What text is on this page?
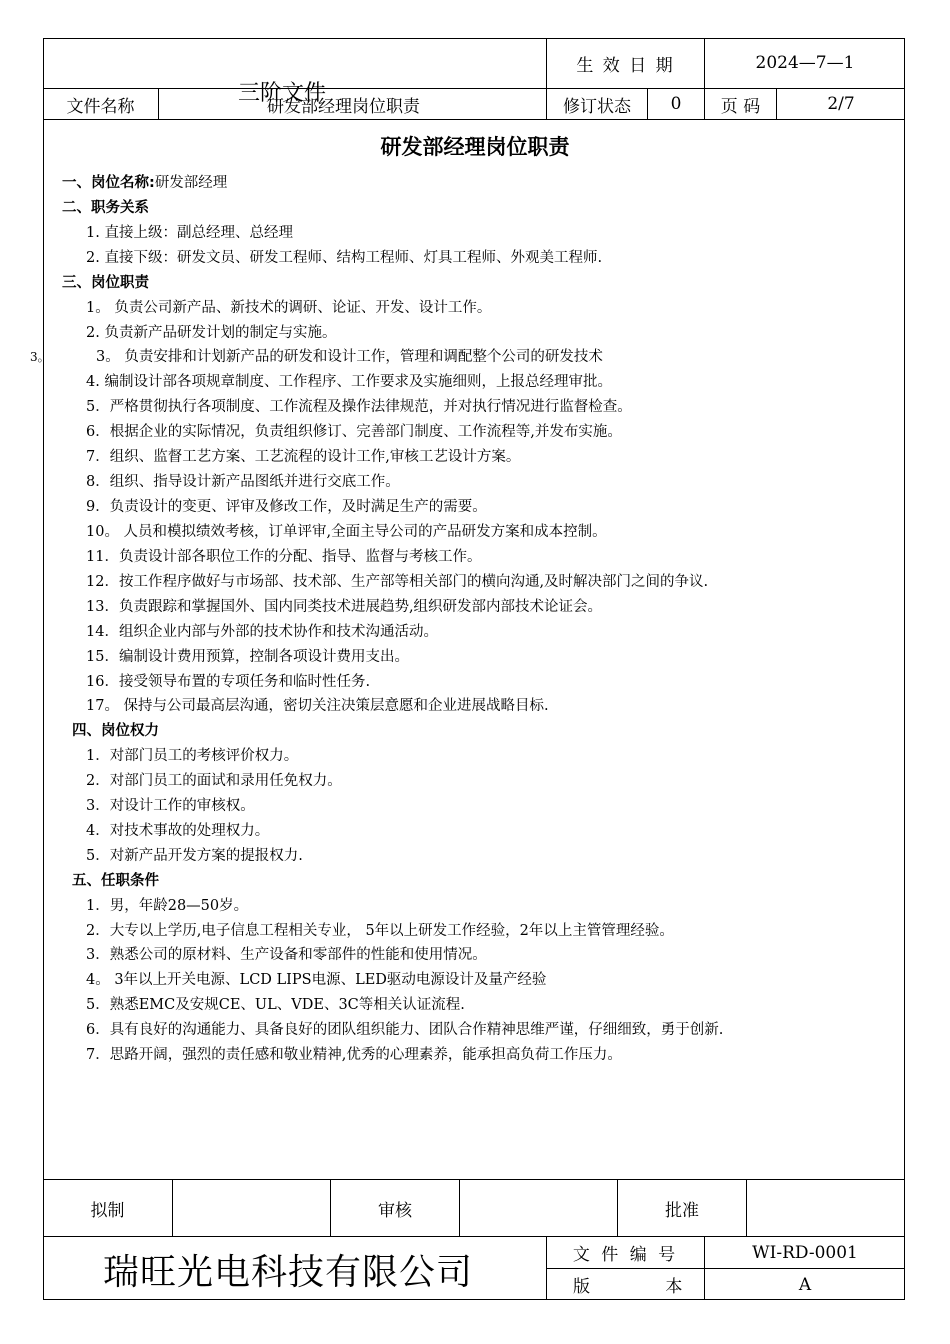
生 效 日 期	2024—7—1
文件名称	研发部经理岗位职责
三阶文件
修订状态	0	页 码	2/7
研发部经理岗位职责
3。
一、岗位名称:研发部经理
二、职务关系
1. 直接上级：副总经理、总经理
2. 直接下级：研发文员、研发工程师、结构工程师、灯具工程师、外观美工程师.
三、岗位职责
1。 负责公司新产品、新技术的调研、论证、开发、设计工作。
2. 负责新产品研发计划的制定与实施。
3。 负责安排和计划新产品的研发和设计工作，管理和调配整个公司的研发技术
4. 编制设计部各项规章制度、工作程序、工作要求及实施细则，上报总经理审批。
5．严格贯彻执行各项制度、工作流程及操作法律规范，并对执行情况进行监督检查。
6．根据企业的实际情况，负责组织修订、完善部门制度、工作流程等,并发布实施。
7．组织、监督工艺方案、工艺流程的设计工作,审核工艺设计方案。
8．组织、指导设计新产品图纸并进行交底工作。
9．负责设计的变更、评审及修改工作，及时满足生产的需要。
10。 人员和模拟绩效考核，订单评审,全面主导公司的产品研发方案和成本控制。
11．负责设计部各职位工作的分配、指导、监督与考核工作。
12．按工作程序做好与市场部、技术部、生产部等相关部门的横向沟通,及时解决部门之间的争议.
13．负责跟踪和掌握国外、国内同类技术进展趋势,组织研发部内部技术论证会。
14．组织企业内部与外部的技术协作和技术沟通活动。
15．编制设计费用预算，控制各项设计费用支出。
16．接受领导布置的专项任务和临时性任务.
17。 保持与公司最高层沟通，密切关注决策层意愿和企业进展战略目标.
四、岗位权力
1．对部门员工的考核评价权力。
2．对部门员工的面试和录用任免权力。
3．对设计工作的审核权。
4．对技术事故的处理权力。
5．对新产品开发方案的提报权力.
五、任职条件
1．男，年龄28—50岁。
2．大专以上学历,电子信息工程相关专业， 5年以上研发工作经验，2年以上主管管理经验。
3．熟悉公司的原材料、生产设备和零部件的性能和使用情况。
4。 3年以上开关电源、LCD LIPS电源、LED驱动电源设计及量产经验
5．熟悉EMC及安规CE、UL、VDE、3C等相关认证流程.
6．具有良好的沟通能力、具备良好的团队组织能力、团队合作精神思维严谨，仔细细致，勇于创新.
7．思路开阔，强烈的责任感和敬业精神,优秀的心理素养，能承担高负荷工作压力。
拟制	审核	批准
瑞旺光电科技有限公司	文 件 编 号	WI-RD-0001
版 本	A
